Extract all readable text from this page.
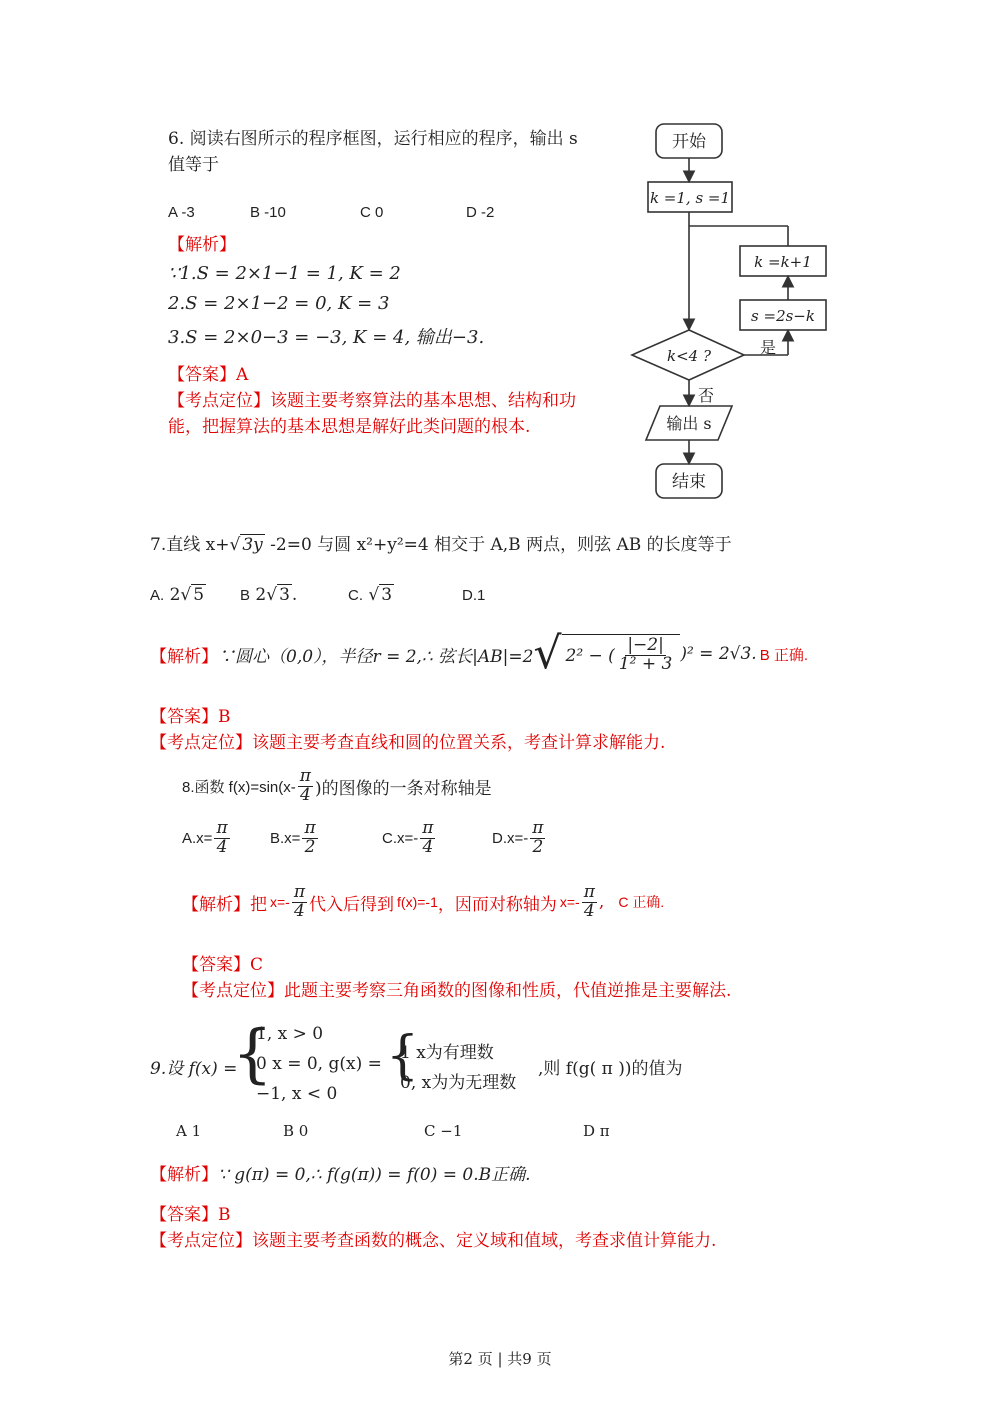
6. 阅读右图所示的程序框图，运行相应的程序，输出 s
值等于
A -3	B -10	C 0	D -2
【解析】
∵1.S = 2×1−1 = 1, K = 2
2.S = 2×1−2 = 0, K = 3
3.S = 2×0−3 = −3, K = 4, 输出−3.
【答案】A
【考点定位】该题主要考察算法的基本思想、结构和功
能，把握算法的基本思想是解好此类问题的根本.
开始
k =1, s =1
k =k+1
s =2s−k
k<4 ?	是
否
输出 s
结束
7.直线 x+√ 3y -2=0 与圆 x²+y²=4 相交于 A,B 两点，则弦 AB 的长度等于
A. 2√ 5 B 2√ 3 .	C. √ 3	D.1
【解析】 ∵圆心（0,0），半径r = 2,∴ 弦长|AB|=2 √ 2² − ( $\frac{|-2|}{\text{1² + 3}} )^2 = 2√3$. B 正确.
【答案】B
【考点定位】该题主要考查直线和圆的位置关系，考查计算求解能力.
8.函数 $f(x)=\sin(x- \frac{\pi}{4}$ )的图像的一条对称轴是
$A.x= \frac{\pi}{4}$	$B.x= \frac{\pi}{2}$	$C.x=- \frac{\pi}{4}$	$D.x=- \frac{\pi}{2}$
【解析】把 $x=- \frac{\pi}{4}$ 代入后得到 f(x)=-1 ，因而对称轴为 $x=- \frac{\pi}{4}$ , C 正确.
【答案】C
【考点定位】此题主要考察三角函数的图像和性质，代值逆推是主要解法.
9.设 f(x) =
{
1, x > 0
0 x = 0, g(x) =
−1, x < 0
{
1 x为有理数
0, x为为无理数
,则 f(g( π ))的值为
A 1	B 0	C −1	D π
【解析】∵ g(π) = 0,∴ f(g(π)) = f(0) = 0.B正确.
【答案】B
【考点定位】该题主要考查函数的概念、定义域和值域，考查求值计算能力.
第2 页 | 共9 页
